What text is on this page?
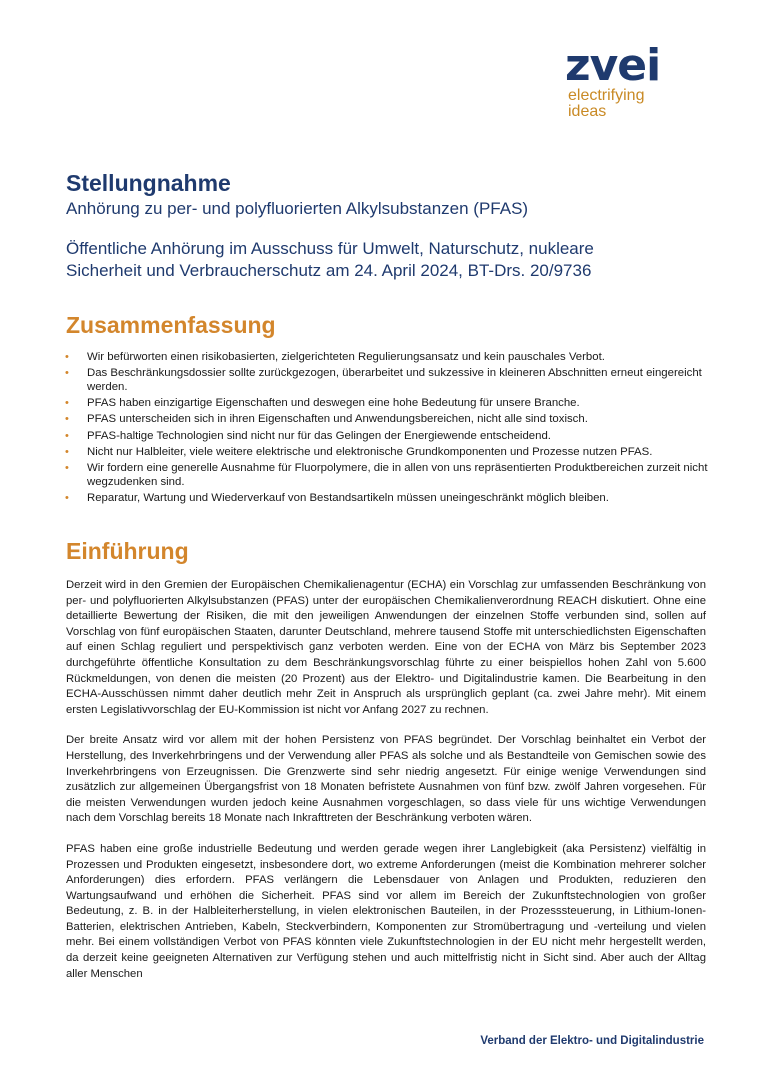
zvei
electrifying
ideas
Stellungnahme
Anhörung zu per- und polyfluorierten Alkylsubstanzen (PFAS)
Öffentliche Anhörung im Ausschuss für Umwelt, Naturschutz, nukleare
Sicherheit und Verbraucherschutz am 24. April 2024, BT-Drs. 20/9736
Zusammenfassung
• Wir befürworten einen risikobasierten, zielgerichteten Regulierungsansatz und kein pauschales Verbot.
• Das Beschränkungsdossier sollte zurückgezogen, überarbeitet und sukzessive in kleineren Abschnitten erneut eingereicht werden.
• PFAS haben einzigartige Eigenschaften und deswegen eine hohe Bedeutung für unsere Branche.
• PFAS unterscheiden sich in ihren Eigenschaften und Anwendungsbereichen, nicht alle sind toxisch.
• PFAS-haltige Technologien sind nicht nur für das Gelingen der Energiewende entscheidend.
• Nicht nur Halbleiter, viele weitere elektrische und elektronische Grundkomponenten und Prozesse nutzen PFAS.
• Wir fordern eine generelle Ausnahme für Fluorpolymere, die in allen von uns repräsentierten Produktbereichen zurzeit nicht wegzudenken sind.
• Reparatur, Wartung und Wiederverkauf von Bestandsartikeln müssen uneingeschränkt möglich bleiben.
Einführung

Derzeit wird in den Gremien der Europäischen Chemikalienagentur (ECHA) ein Vorschlag zur umfassenden Beschränkung von per- und polyfluorierten Alkylsubstanzen (PFAS) unter der europäischen Chemikalienverordnung REACH diskutiert. Ohne eine detaillierte Bewertung der Risiken, die mit den jeweiligen Anwendungen der einzelnen Stoffe verbunden sind, sollen auf Vorschlag von fünf europäischen Staaten, darunter Deutschland, mehrere tausend Stoffe mit unterschiedlichsten Eigenschaften auf einen Schlag reguliert und perspektivisch ganz verboten werden. Eine von der ECHA von März bis September 2023 durchgeführte öffentliche Konsultation zu dem Beschränkungsvorschlag führte zu einer beispiellos hohen Zahl von 5.600 Rückmeldungen, von denen die meisten (20 Prozent) aus der Elektro- und Digitalindustrie kamen. Die Bearbeitung in den ECHA-Ausschüssen nimmt daher deutlich mehr Zeit in Anspruch als ursprünglich geplant (ca. zwei Jahre mehr). Mit einem ersten Legislativvorschlag der EU-Kommission ist nicht vor Anfang 2027 zu rechnen.

Der breite Ansatz wird vor allem mit der hohen Persistenz von PFAS begründet. Der Vorschlag beinhaltet ein Verbot der Herstellung, des Inverkehrbringens und der Verwendung aller PFAS als solche und als Bestandteile von Gemischen sowie des Inverkehrbringens von Erzeugnissen. Die Grenzwerte sind sehr niedrig angesetzt. Für einige wenige Verwendungen sind zusätzlich zur allgemeinen Übergangsfrist von 18 Monaten befristete Ausnahmen von fünf bzw. zwölf Jahren vorgesehen. Für die meisten Verwendungen wurden jedoch keine Ausnahmen vorgeschlagen, so dass viele für uns wichtige Verwendungen nach dem Vorschlag bereits 18 Monate nach Inkrafttreten der Beschränkung verboten wären.

PFAS haben eine große industrielle Bedeutung und werden gerade wegen ihrer Langlebigkeit (aka Persistenz) vielfältig in Prozessen und Produkten eingesetzt, insbesondere dort, wo extreme Anforderungen (meist die Kombination mehrerer solcher Anforderungen) dies erfordern. PFAS verlängern die Lebensdauer von Anlagen und Produkten, reduzieren den Wartungsaufwand und erhöhen die Sicherheit. PFAS sind vor allem im Bereich der Zukunftstechnologien von großer Bedeutung, z. B. in der Halbleiterherstellung, in vielen elektronischen Bauteilen, in der Prozesssteuerung, in Lithium-Ionen-Batterien, elektrischen Antrieben, Kabeln, Steckverbindern, Komponenten zur Stromübertragung und -verteilung und vielen mehr. Bei einem vollständigen Verbot von PFAS könnten viele Zukunftstechnologien in der EU nicht mehr hergestellt werden, da derzeit keine geeigneten Alternativen zur Verfügung stehen und auch mittelfristig nicht in Sicht sind. Aber auch der Alltag aller Menschen

Verband der Elektro- und Digitalindustrie
